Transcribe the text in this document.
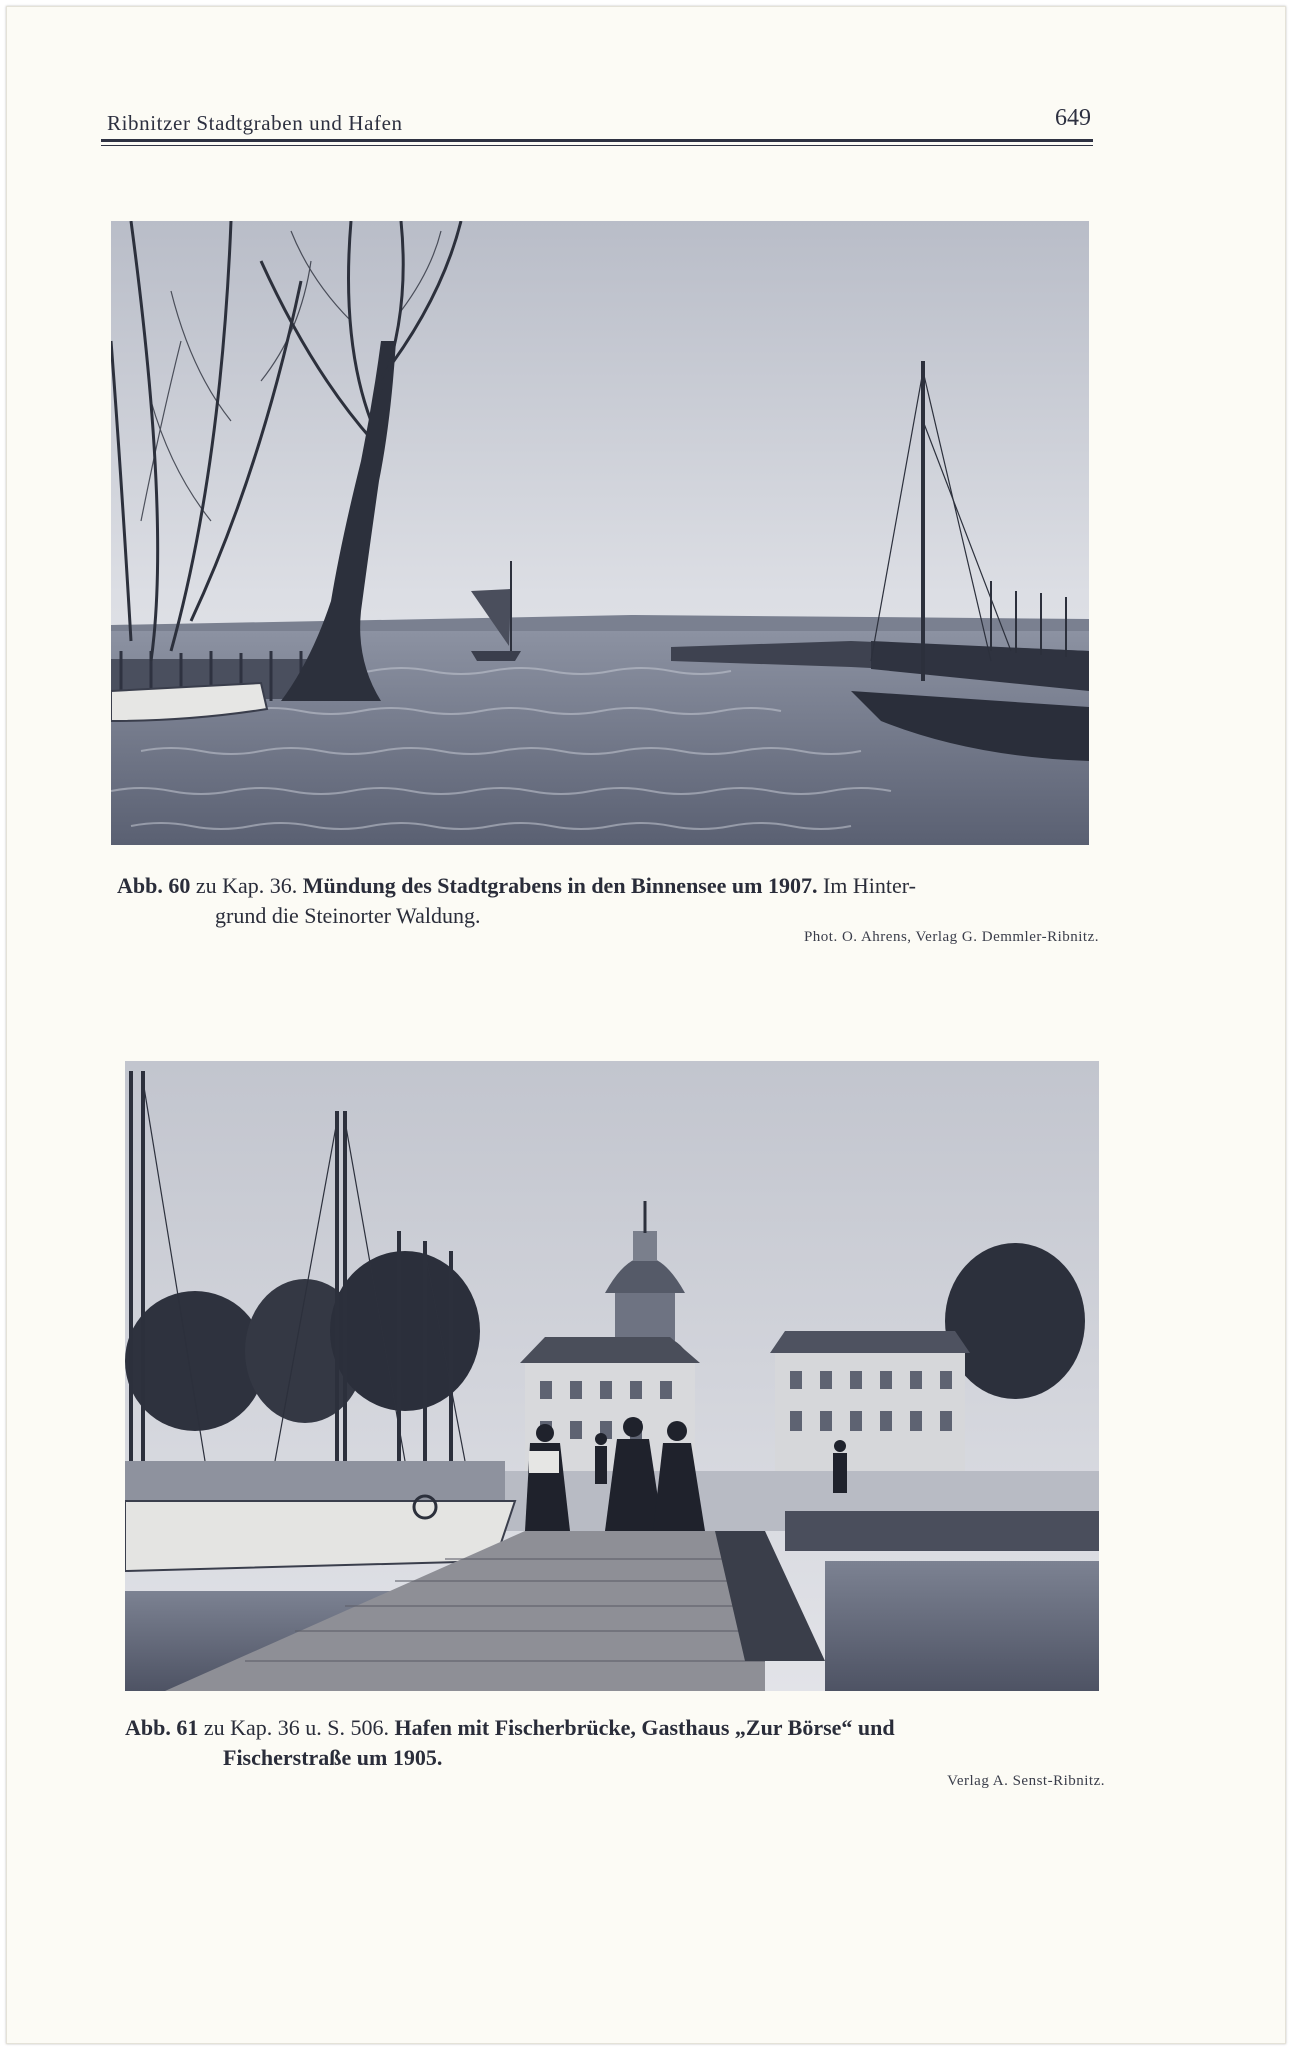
Ribnitzer Stadtgraben und Hafen	649
Abb. 60 zu Kap. 36. Mündung des Stadtgrabens in den Binnensee um 1907. Im Hinter-
grund die Steinorter Waldung.
Phot. O. Ahrens, Verlag G. Demmler-Ribnitz.
Abb. 61 zu Kap. 36 u. S. 506. Hafen mit Fischerbrücke, Gasthaus „Zur Börse“ und
Fischerstraße um 1905.
Verlag A. Senst-Ribnitz.
